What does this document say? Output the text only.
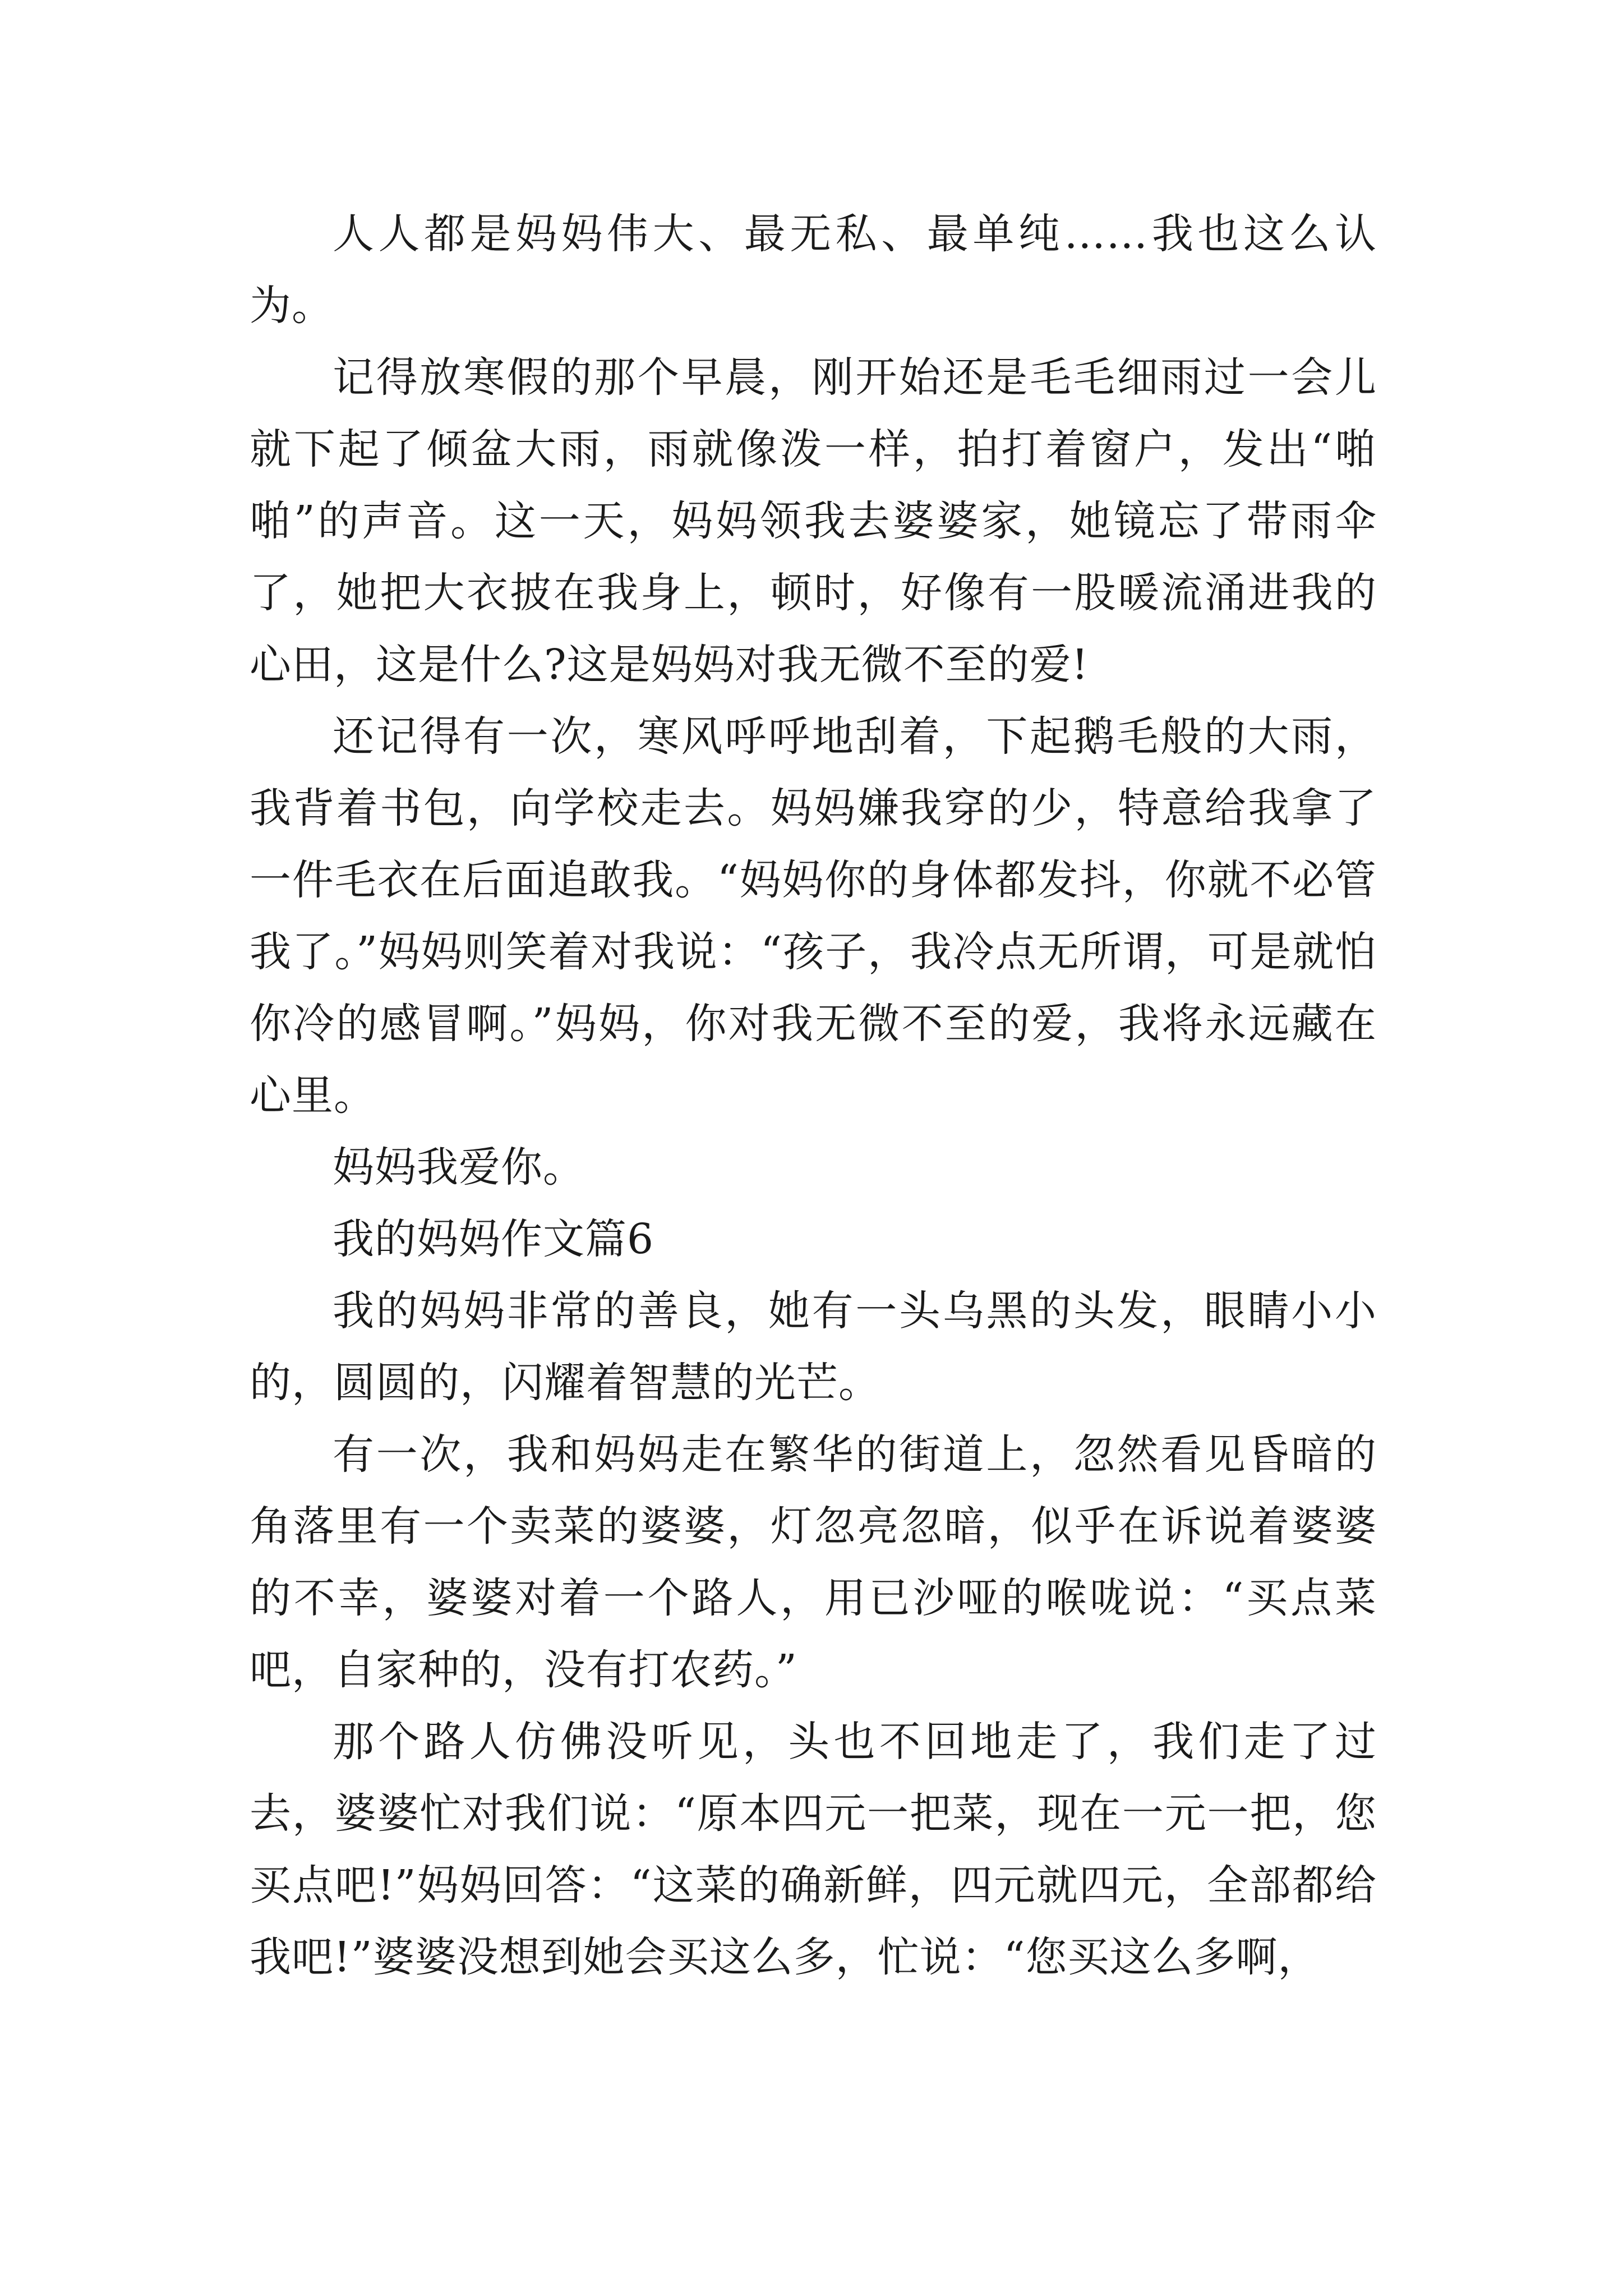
人人都是妈妈伟大、最无私、最单纯……我也这么认为。

记得放寒假的那个早晨，刚开始还是毛毛细雨过一会儿就下起了倾盆大雨，雨就像泼一样，拍打着窗户，发出“啪啪”的声音。这一天，妈妈领我去婆婆家，她镜忘了带雨伞了，她把大衣披在我身上，顿时，好像有一股暖流涌进我的心田，这是什么?这是妈妈对我无微不至的爱!

还记得有一次，寒风呼呼地刮着，下起鹅毛般的大雨，我背着书包，向学校走去。妈妈嫌我穿的少，特意给我拿了一件毛衣在后面追敢我。“妈妈你的身体都发抖，你就不必管我了。”妈妈则笑着对我说：“孩子，我冷点无所谓，可是就怕你冷的感冒啊。”妈妈，你对我无微不至的爱，我将永远藏在心里。

妈妈我爱你。

我的妈妈作文篇6

我的妈妈非常的善良，她有一头乌黑的头发，眼睛小小的，圆圆的，闪耀着智慧的光芒。

有一次，我和妈妈走在繁华的街道上，忽然看见昏暗的角落里有一个卖菜的婆婆，灯忽亮忽暗，似乎在诉说着婆婆的不幸，婆婆对着一个路人，用已沙哑的喉咙说：“买点菜吧，自家种的，没有打农药。”

那个路人仿佛没听见，头也不回地走了，我们走了过去，婆婆忙对我们说：“原本四元一把菜，现在一元一把，您买点吧!”妈妈回答：“这菜的确新鲜，四元就四元，全部都给我吧!”婆婆没想到她会买这么多，忙说：“您买这么多啊，
